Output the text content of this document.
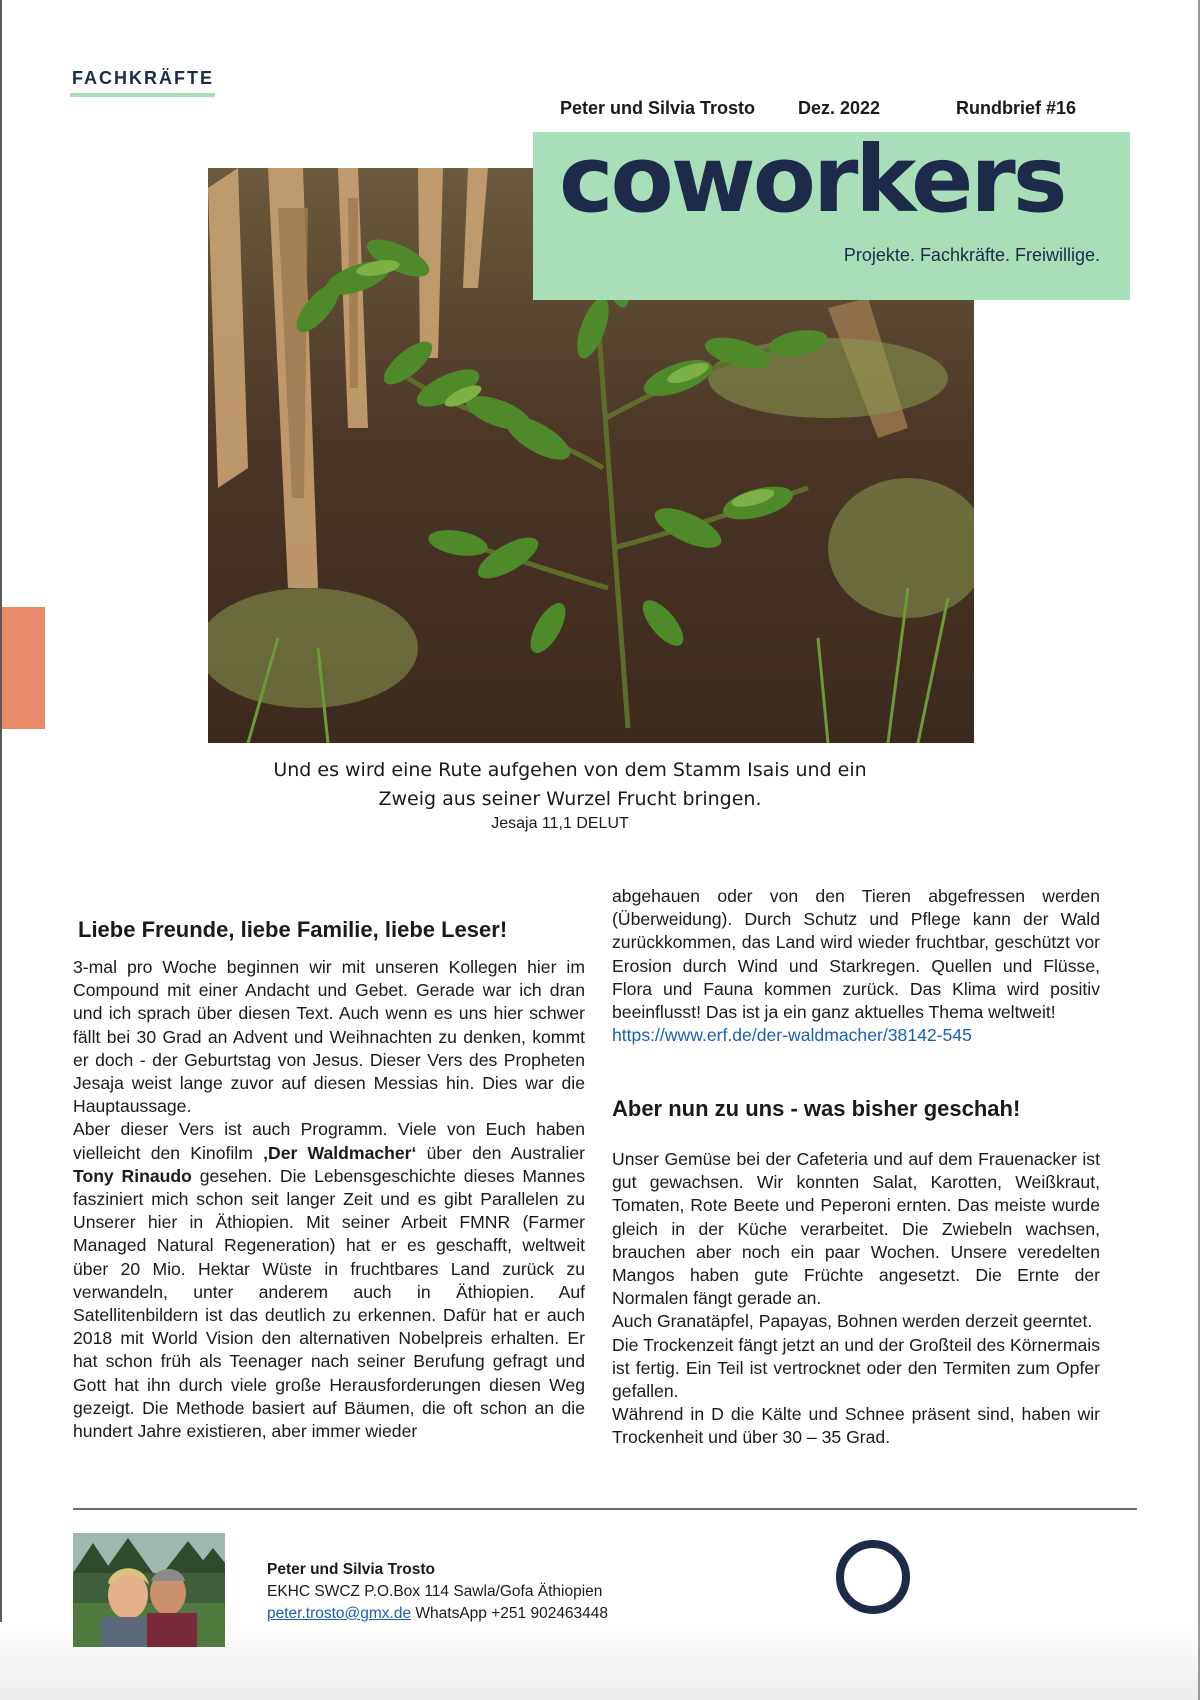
FACHKRÄFTE
Peter und Silvia Trosto Dez. 2022	Rundbrief #16
coworkers
Projekte. Fachkräfte. Freiwillige.
Und es wird eine Rute aufgehen von dem Stamm Isais und ein
Zweig aus seiner Wurzel Frucht bringen.
Jesaja 11,1 DELUT
Liebe Freunde, liebe Familie, liebe Leser!

3-mal pro Woche beginnen wir mit unseren Kollegen hier im Compound mit einer Andacht und Gebet. Gerade war ich dran und ich sprach über diesen Text. Auch wenn es uns hier schwer fällt bei 30 Grad an Advent und Weihnachten zu denken, kommt er doch - der Geburtstag von Jesus. Dieser Vers des Propheten Jesaja weist lange zuvor auf diesen Messias hin. Dies war die Hauptaussage.

Aber dieser Vers ist auch Programm. Viele von Euch haben vielleicht den Kinofilm ‚Der Waldmacher‘ über den Australier Tony Rinaudo gesehen. Die Lebensgeschichte dieses Mannes fasziniert mich schon seit langer Zeit und es gibt Parallelen zu Unserer hier in Äthiopien. Mit seiner Arbeit FMNR (Farmer Managed Natural Regeneration) hat er es geschafft, weltweit über 20 Mio. Hektar Wüste in fruchtbares Land zurück zu verwandeln, unter anderem auch in Äthiopien. Auf Satellitenbildern ist das deutlich zu erkennen. Dafür hat er auch 2018 mit World Vision den alternativen Nobelpreis erhalten. Er hat schon früh als Teenager nach seiner Berufung gefragt und Gott hat ihn durch viele große Herausforderungen diesen Weg gezeigt. Die Methode basiert auf Bäumen, die oft schon an die hundert Jahre existieren, aber immer wieder

abgehauen oder von den Tieren abgefressen werden (Überweidung). Durch Schutz und Pflege kann der Wald zurückkommen, das Land wird wieder fruchtbar, geschützt vor Erosion durch Wind und Starkregen. Quellen und Flüsse, Flora und Fauna kommen zurück. Das Klima wird positiv beeinflusst! Das ist ja ein ganz aktuelles Thema weltweit!

https://www.erf.de/der-waldmacher/38142-545

Aber nun zu uns - was bisher geschah!

Unser Gemüse bei der Cafeteria und auf dem Frauenacker ist gut gewachsen. Wir konnten Salat, Karotten, Weißkraut, Tomaten, Rote Beete und Peperoni ernten. Das meiste wurde gleich in der Küche verarbeitet. Die Zwiebeln wachsen, brauchen aber noch ein paar Wochen. Unsere veredelten Mangos haben gute Früchte angesetzt. Die Ernte der Normalen fängt gerade an.

Auch Granatäpfel, Papayas, Bohnen werden derzeit geerntet.

Die Trockenzeit fängt jetzt an und der Großteil des Körnermais ist fertig. Ein Teil ist vertrocknet oder den Termiten zum Opfer gefallen.

Während in D die Kälte und Schnee präsent sind, haben wir Trockenheit und über 30 – 35 Grad.

Peter und Silvia Trosto
EKHC SWCZ P.O.Box 114 Sawla/Gofa Äthiopien
peter.trosto@gmx.de WhatsApp +251 902463448
